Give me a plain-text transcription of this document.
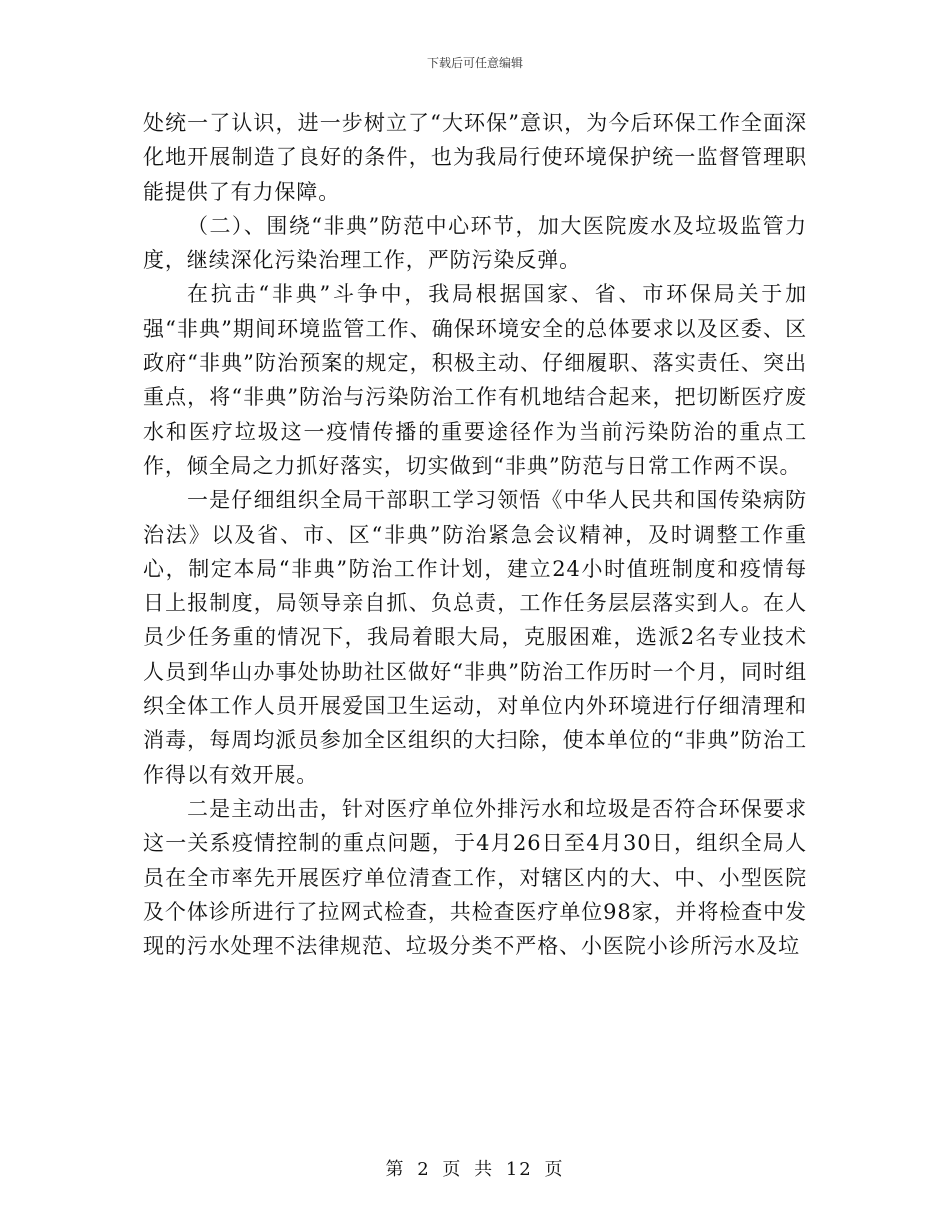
下载后可任意编辑

处统一了认识，进一步树立了“大环保”意识，为今后环保工作全面深化地开展制造了良好的条件，也为我局行使环境保护统一监督管理职能提供了有力保障。

（二）、围绕“非典”防范中心环节，加大医院废水及垃圾监管力度，继续深化污染治理工作，严防污染反弹。

在抗击“非典”斗争中，我局根据国家、省、市环保局关于加强“非典”期间环境监管工作、确保环境安全的总体要求以及区委、区政府“非典”防治预案的规定，积极主动、仔细履职、落实责任、突出重点，将“非典”防治与污染防治工作有机地结合起来，把切断医疗废水和医疗垃圾这一疫情传播的重要途径作为当前污染防治的重点工作，倾全局之力抓好落实，切实做到“非典”防范与日常工作两不误。

一是仔细组织全局干部职工学习领悟《中华人民共和国传染病防治法》以及省、市、区“非典”防治紧急会议精神，及时调整工作重心，制定本局“非典”防治工作计划，建立24小时值班制度和疫情每日上报制度，局领导亲自抓、负总责，工作任务层层落实到人。在人员少任务重的情况下，我局着眼大局，克服困难，选派2名专业技术人员到华山办事处协助社区做好“非典”防治工作历时一个月，同时组织全体工作人员开展爱国卫生运动，对单位内外环境进行仔细清理和消毒，每周均派员参加全区组织的大扫除，使本单位的“非典”防治工作得以有效开展。

二是主动出击，针对医疗单位外排污水和垃圾是否符合环保要求这一关系疫情控制的重点问题，于4月26日至4月30日，组织全局人员在全市率先开展医疗单位清查工作，对辖区内的大、中、小型医院及个体诊所进行了拉网式检查，共检查医疗单位98家，并将检查中发现的污水处理不法律规范、垃圾分类不严格、小医院小诊所污水及垃

第 2 页 共 12 页
